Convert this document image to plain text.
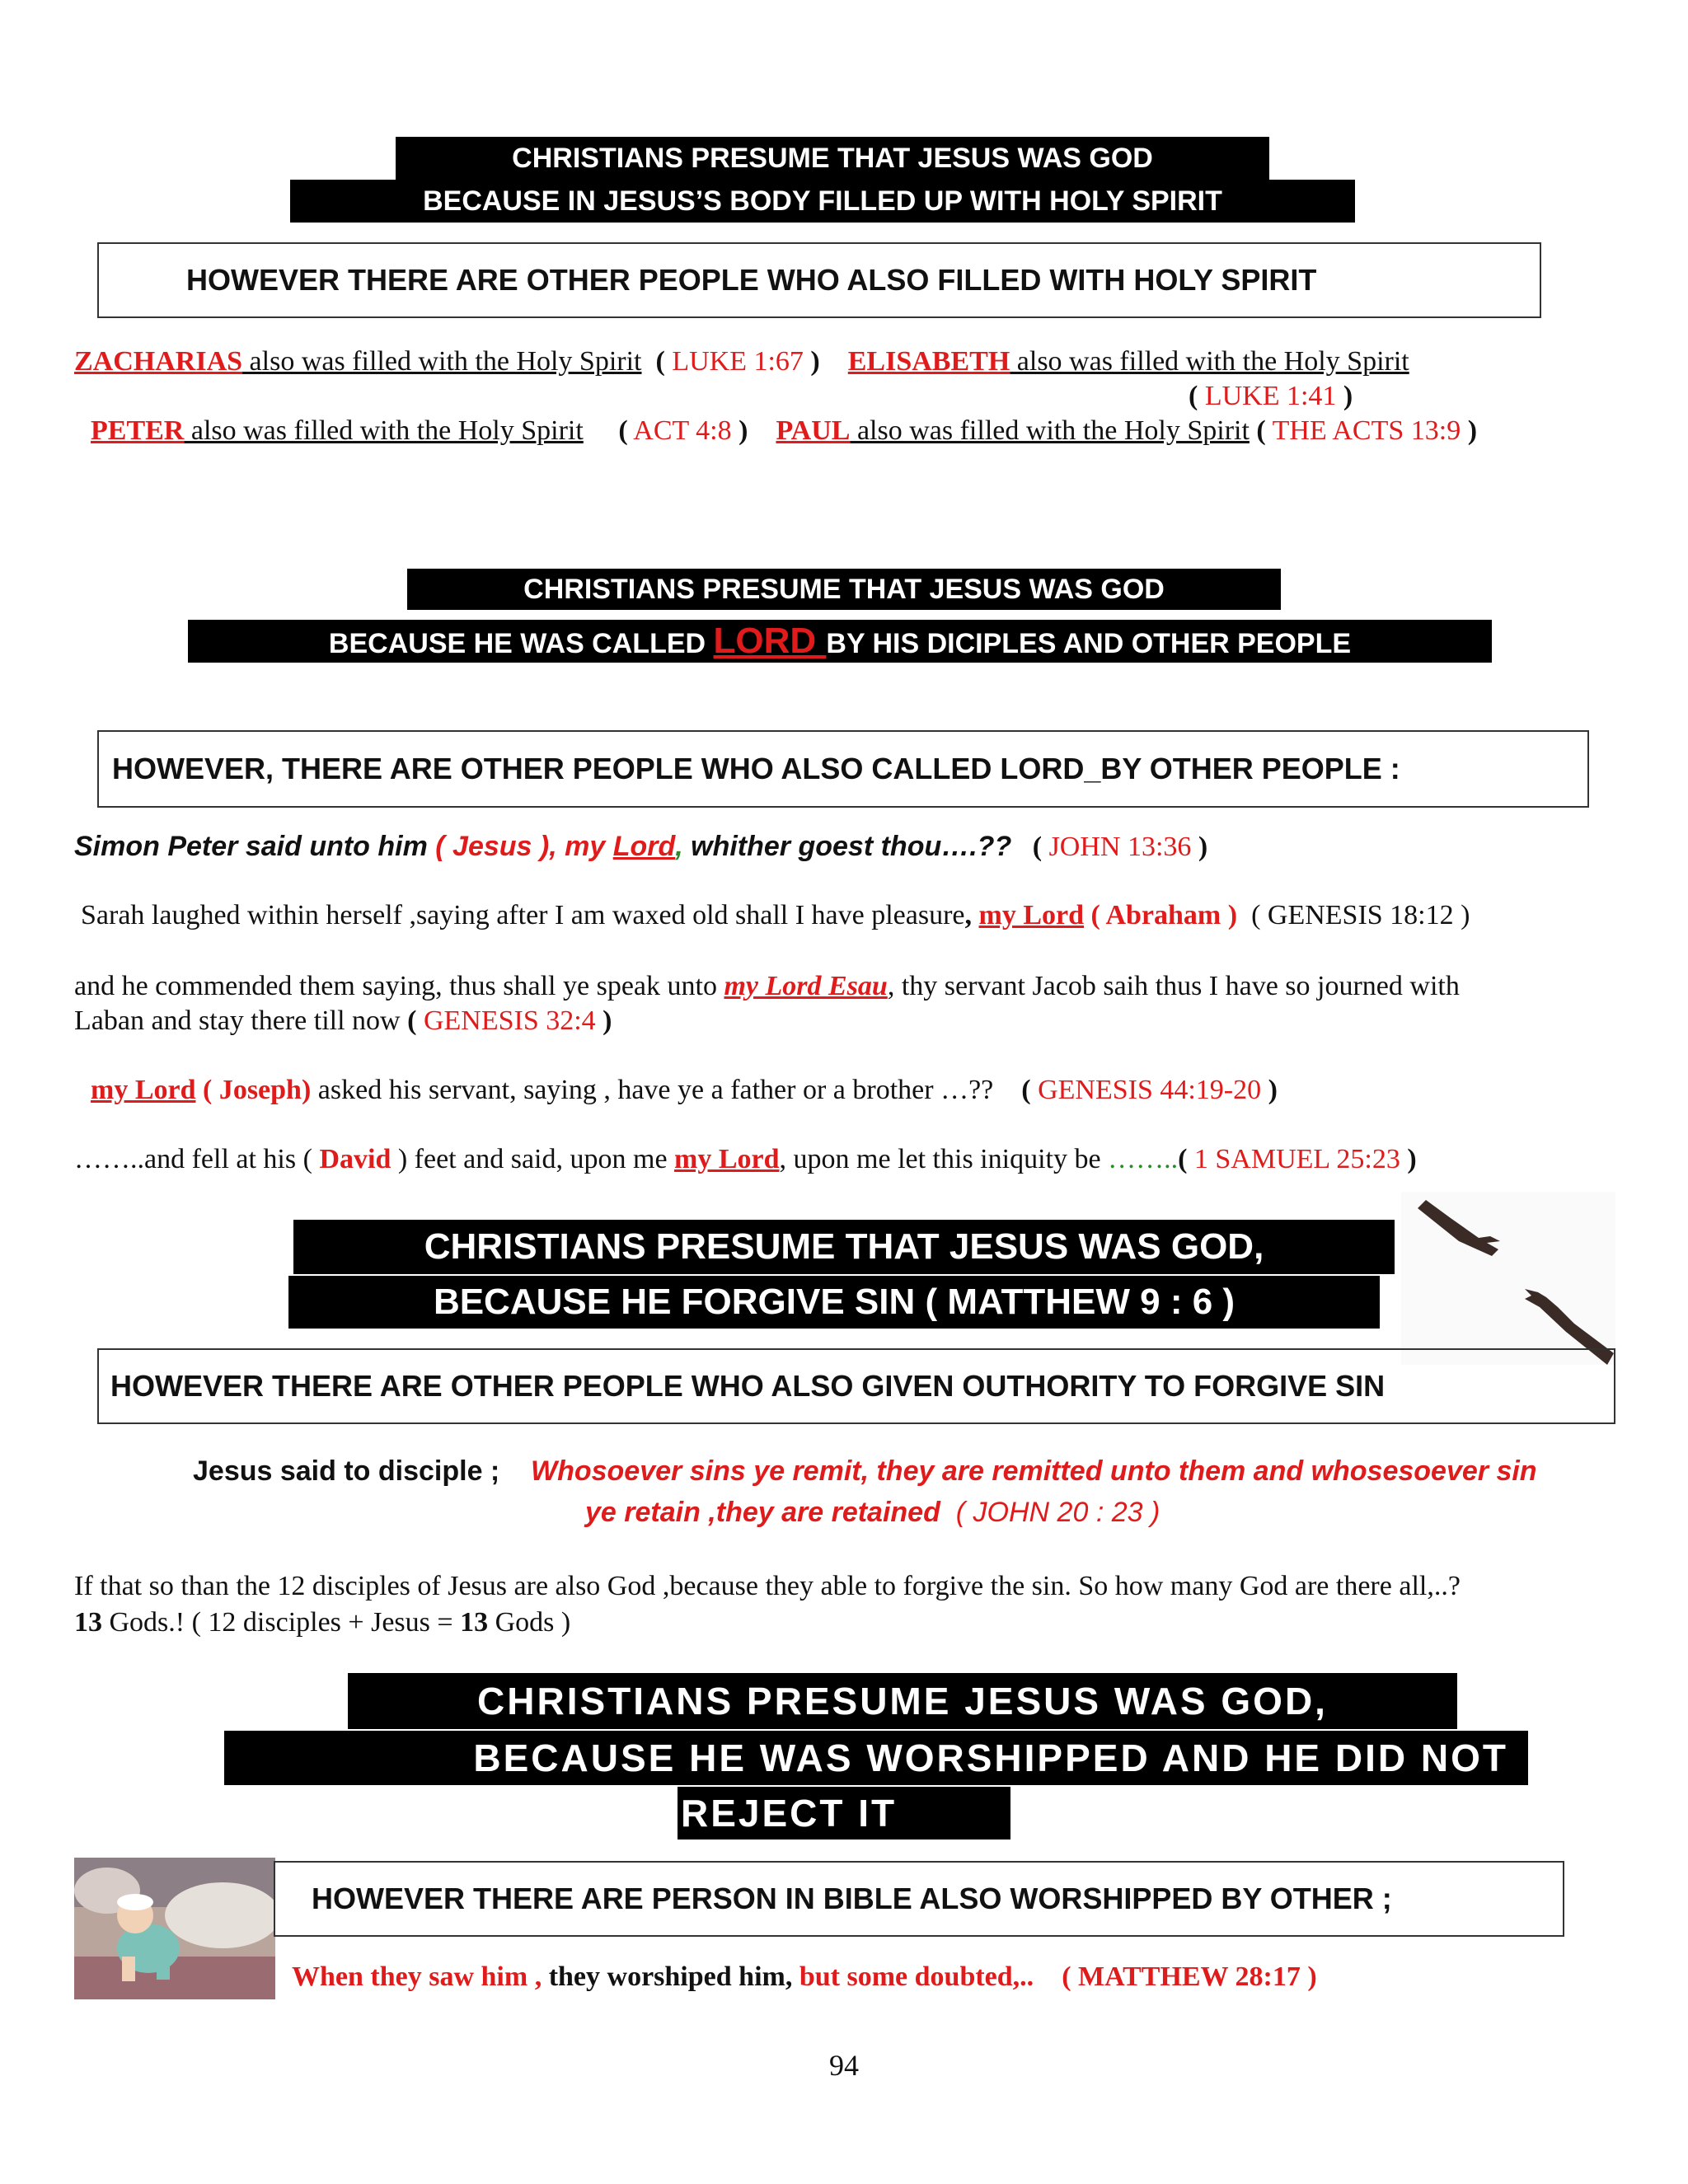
CHRISTIANS PRESUME THAT JESUS WAS GOD
BECAUSE IN JESUS’S BODY FILLED UP WITH HOLY SPIRIT
HOWEVER THERE ARE OTHER PEOPLE WHO ALSO FILLED WITH HOLY SPIRIT
ZACHARIAS also was filled with the Holy Spirit ( LUKE 1:67 ) ELISABETH also was filled with the Holy Spirit
( LUKE 1:41 )
PETER also was filled with the Holy Spirit ( ACT 4:8 ) PAUL also was filled with the Holy Spirit ( THE ACTS 13:9 )
CHRISTIANS PRESUME THAT JESUS WAS GOD
BECAUSE HE WAS CALLED LORD BY HIS DICIPLES AND OTHER PEOPLE
HOWEVER, THERE ARE OTHER PEOPLE WHO ALSO CALLED LORD_BY OTHER PEOPLE :
Simon Peter said unto him ( Jesus ), my Lord, whither goest thou….?? ( JOHN 13:36 )
Sarah laughed within herself ,saying after I am waxed old shall I have pleasure, my Lord ( Abraham ) ( GENESIS 18:12 )
and he commended them saying, thus shall ye speak unto my Lord Esau, thy servant Jacob saih thus I have so journed with
Laban and stay there till now ( GENESIS 32:4 )
my Lord ( Joseph) asked his servant, saying , have ye a father or a brother …?? ( GENESIS 44:19-20 )
……..and fell at his ( David ) feet and said, upon me my Lord, upon me let this iniquity be ……..( 1 SAMUEL 25:23 )
CHRISTIANS PRESUME THAT JESUS WAS GOD,
BECAUSE HE FORGIVE SIN ( MATTHEW 9 : 6 )
HOWEVER THERE ARE OTHER PEOPLE WHO ALSO GIVEN OUTHORITY TO FORGIVE SIN
Jesus said to disciple ; Whosoever sins ye remit, they are remitted unto them and whosesoever sin
ye retain ,they are retained ( JOHN 20 : 23 )
If that so than the 12 disciples of Jesus are also God ,because they able to forgive the sin. So how many God are there all,..?
13 Gods.! ( 12 disciples + Jesus = 13 Gods )
CHRISTIANS PRESUME JESUS WAS GOD,
BECAUSE HE WAS WORSHIPPED AND HE DID NOT
REJECT IT
HOWEVER THERE ARE PERSON IN BIBLE ALSO WORSHIPPED BY OTHER ;
When they saw him , they worshiped him, but some doubted,.. ( MATTHEW 28:17 )
94
